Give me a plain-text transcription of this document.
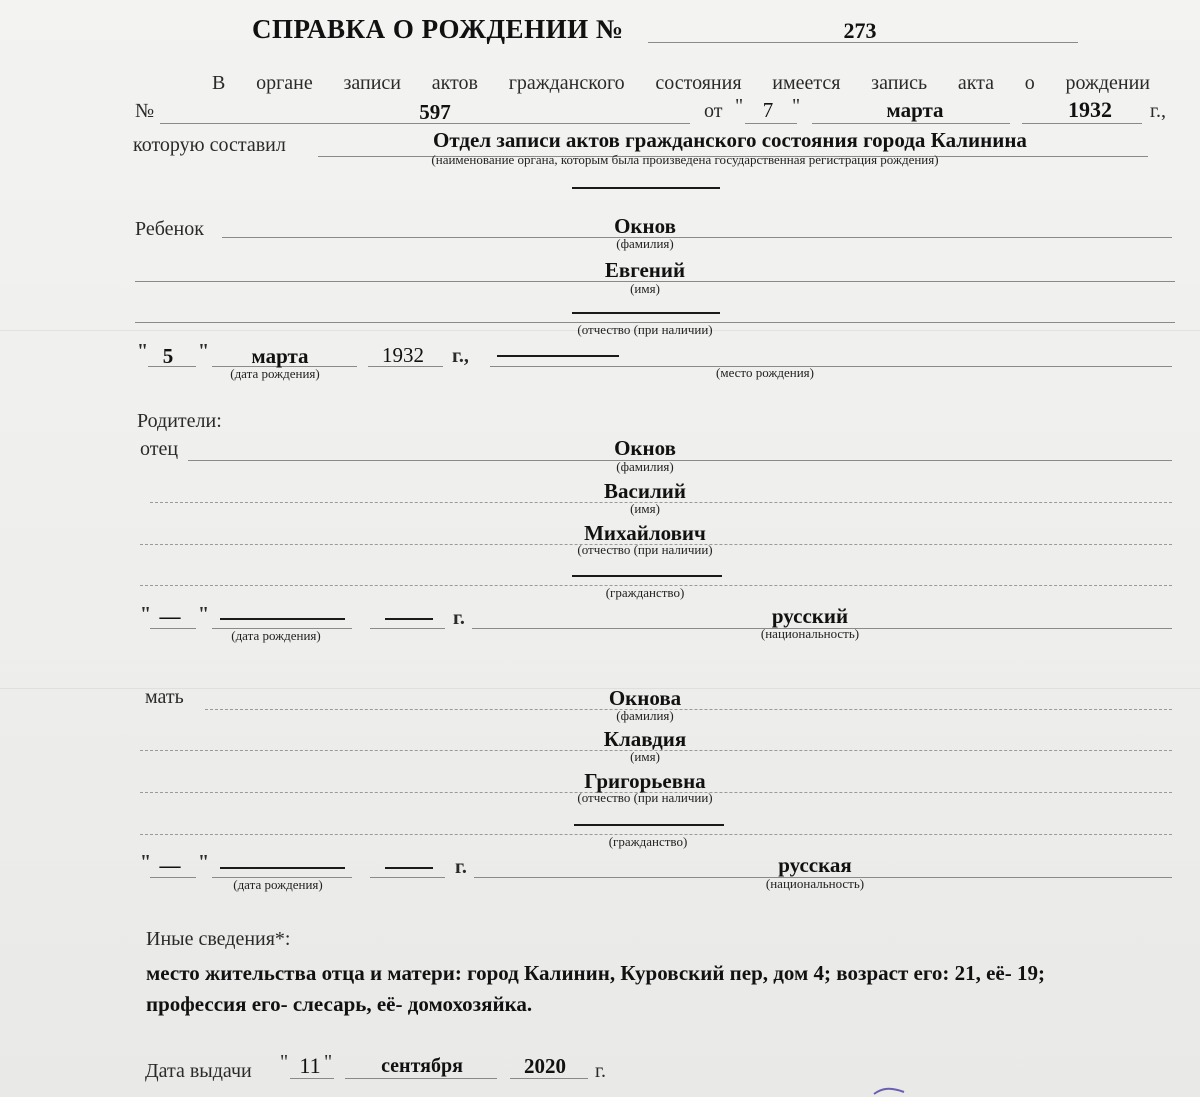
СПРАВКА О РОЖДЕНИИ №	273
В органе записи актов гражданского состояния имеется запись акта о рождении
№	597	от " 7 "	марта	1932	г.,
которую составил	Отдел записи актов гражданского состояния города Калинина
(наименование органа, которым была произведена государственная регистрация рождения)
Ребенок	Окнов
(фамилия)
Евгений
(имя)
(отчество (при наличии)
" 5	"	марта	1932	г.,
(дата рождения)	(место рождения)
Родители:
отец	Окнов
(фамилия)
Василий
(имя)
Михайлович
(отчество (при наличии)
(гражданство)
" — "	г.	русский
(дата рождения)	(национальность)
мать	Окнова
(фамилия)
Клавдия
(имя)
Григорьевна
(отчество (при наличии)
(гражданство)
" — "	г.	русская
(дата рождения)	(национальность)
Иные сведения*:
место жительства отца и матери: город Калинин, Куровский пер, дом 4; возраст его: 21, её- 19; профессия его- слесарь, её- домохозяйка.
Дата выдачи " 11 "	сентября	2020	г.
